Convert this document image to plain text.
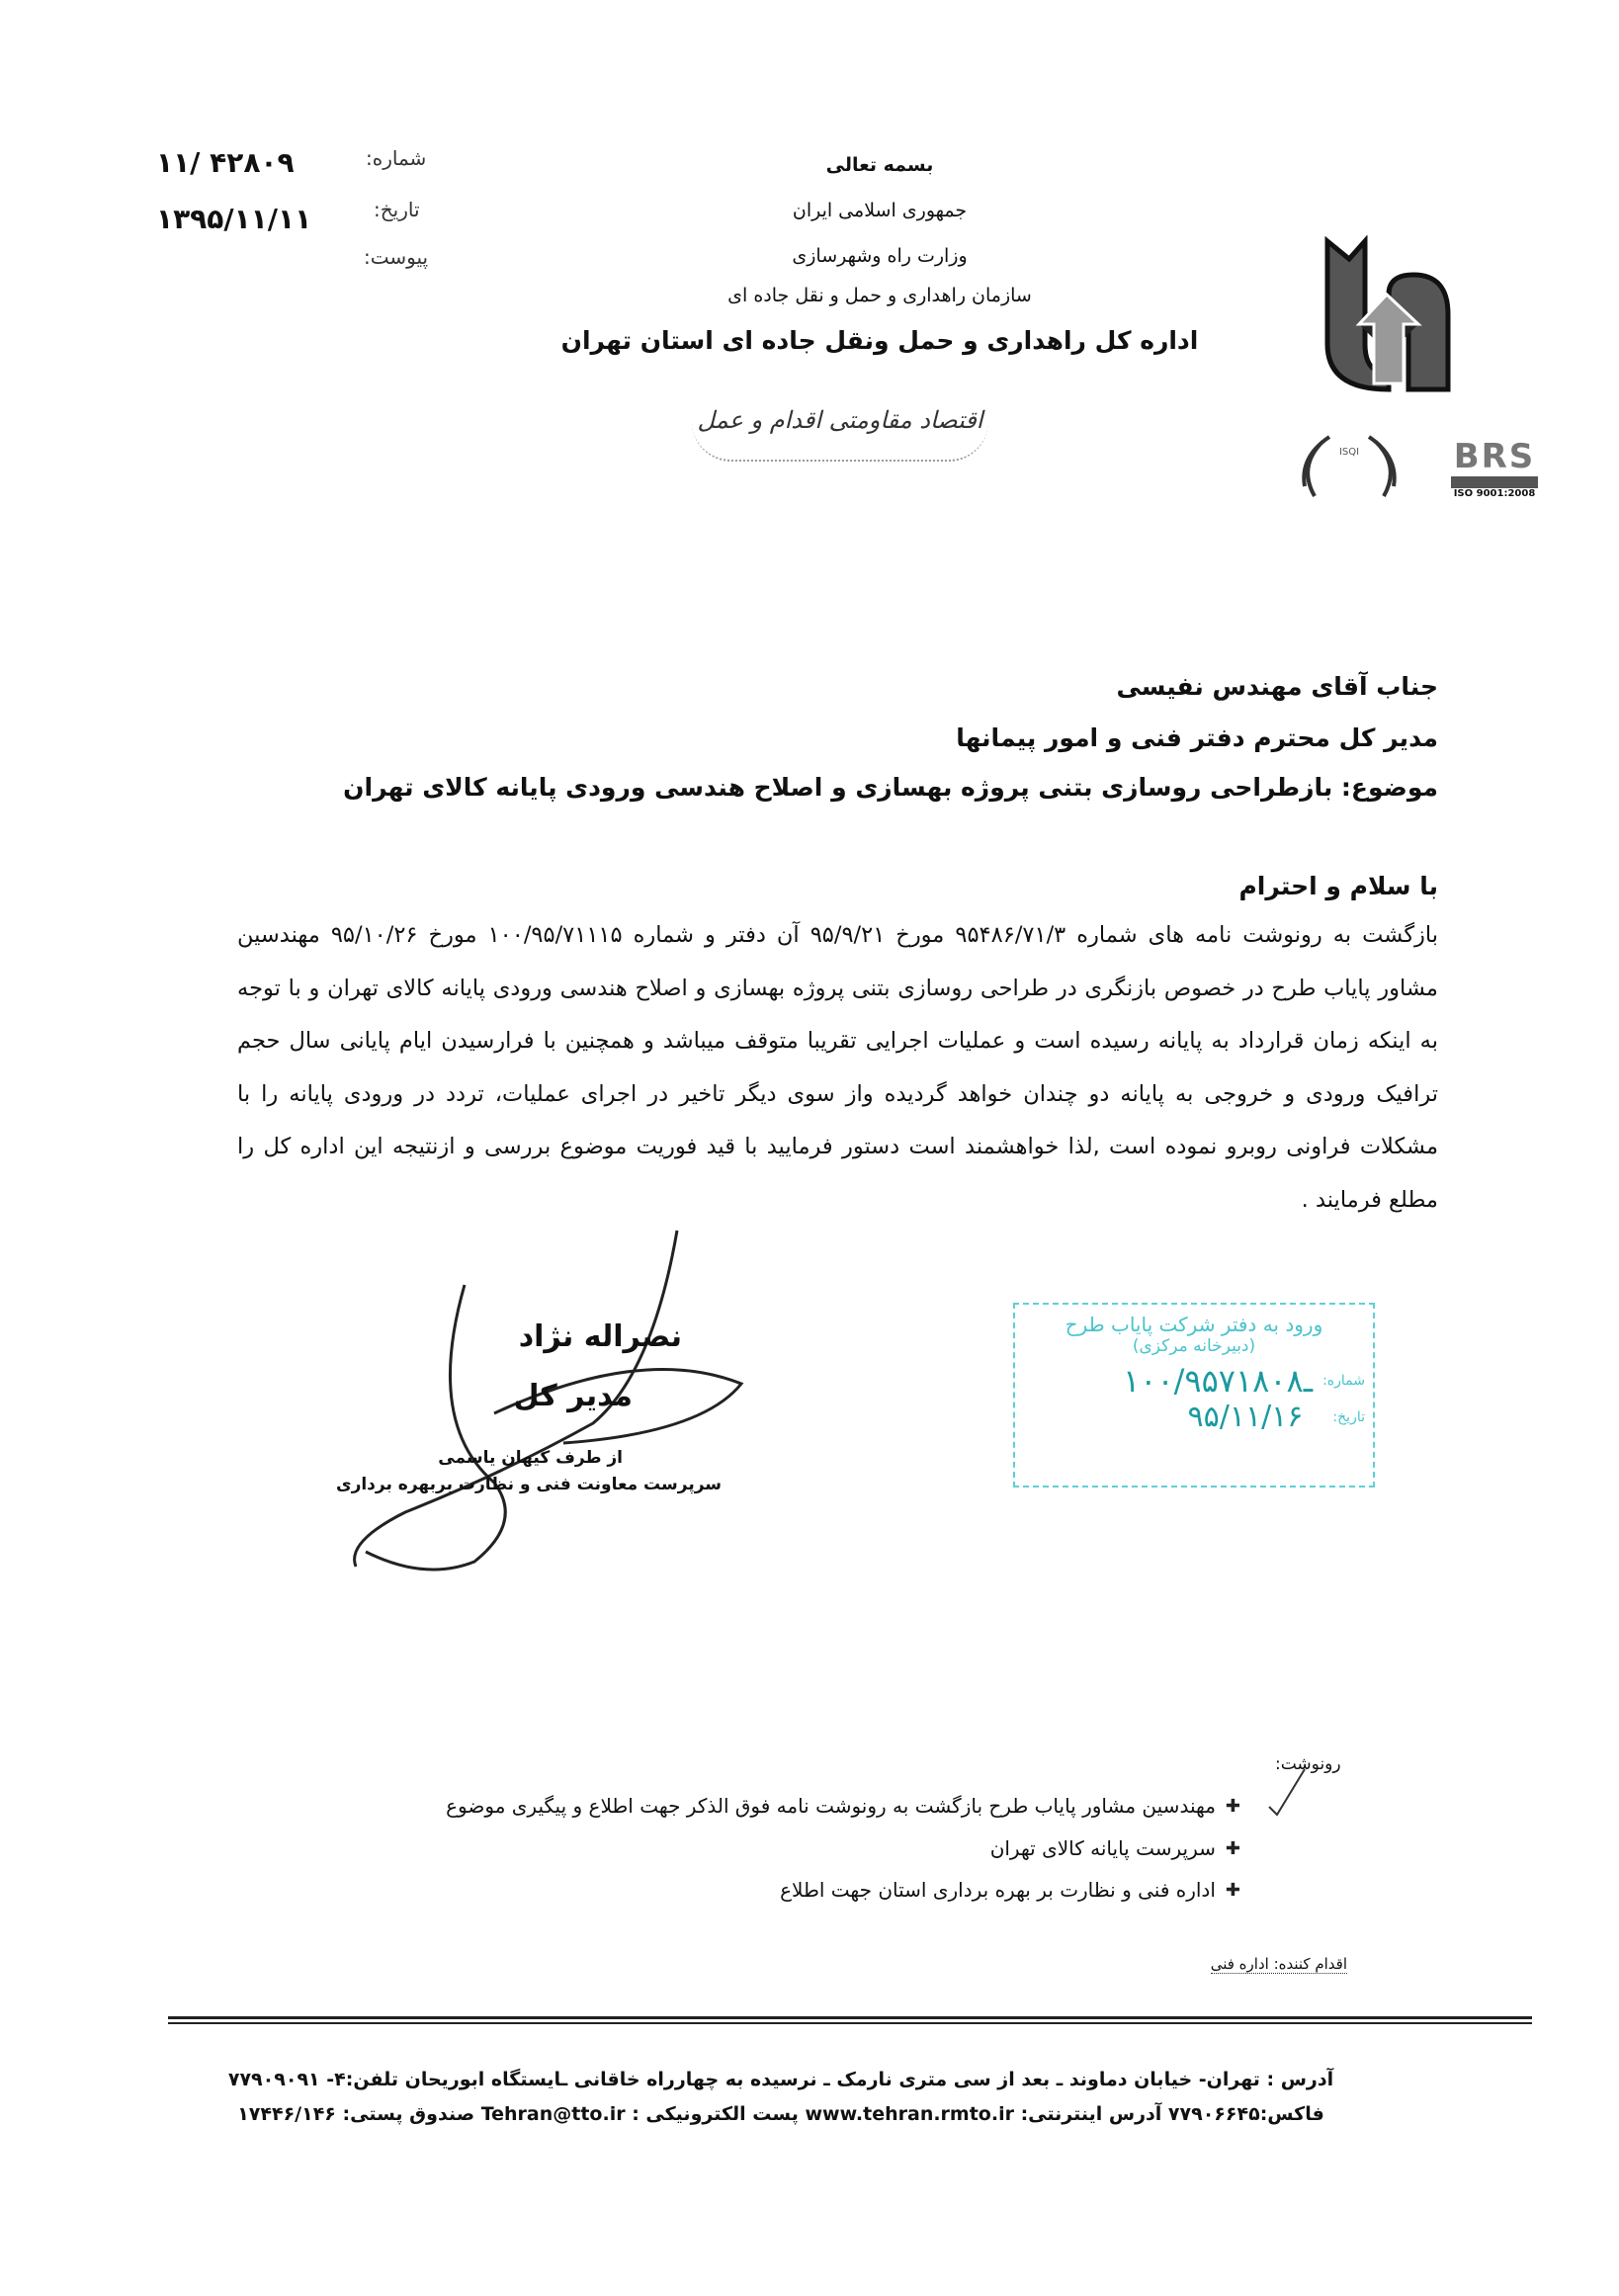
شماره:
۱۱/ ۴۲۸۰۹
تاریخ:
۱۳۹۵/۱۱/۱۱
پیوست:
بسمه تعالی
جمهوری اسلامی ایران
وزارت راه وشهرسازی
سازمان راهداری و حمل و نقل جاده ای
اداره کل راهداری و حمل ونقل جاده ای استان تهران
اقتصاد مقاومتی اقدام و عمل
ISQI	BRS
ISO 9001:2008
جناب آقای مهندس نفیسی
مدیر کل محترم دفتر فنی و امور پیمانها
موضوع: بازطراحی روسازی بتنی پروژه بهسازی و اصلاح هندسی ورودی پایانه کالای تهران
با سلام و احترام
بازگشت به رونوشت نامه های شماره ۹۵۴۸۶/۷۱/۳ مورخ ۹۵/۹/۲۱ آن دفتر و شماره ۱۰۰/۹۵/۷۱۱۱۵ مورخ ۹۵/۱۰/۲۶ مهندسین مشاور پایاب طرح در خصوص بازنگری در طراحی روسازی بتنی پروژه بهسازی و اصلاح هندسی ورودی پایانه کالای تهران و با توجه به اینکه زمان قرارداد به پایانه رسیده است و عملیات اجرایی تقریبا متوقف میباشد و همچنین با فرارسیدن ایام پایانی سال حجم ترافیک ورودی و خروجی به پایانه دو چندان خواهد گردیده واز سوی دیگر تاخیر در اجرای عملیات، تردد در ورودی پایانه را با مشکلات فراونی روبرو نموده است ,لذا خواهشمند است دستور فرمایید با قید فوریت موضوع بررسی و ازنتیجه این اداره کل را مطلع فرمایند .
نصراله نژاد
مدیر کل
از طرف کیهان یاسمی
سرپرست معاونت فنی و نظارت بربهره برداری
ورود به دفتر شرکت پایاب طرح
(دبیرخانه مرکزی)
شماره:
۱۰۰/۹۵ـ۷۱۸۰۸
تاریخ:
۹۵/۱۱/۱۶
رونوشت:
✚
مهندسین مشاور پایاب طرح بازگشت به رونوشت نامه فوق الذکر جهت اطلاع و پیگیری موضوع
✚
سرپرست پایانه کالای تهران
✚
اداره فنی و نظارت بر بهره برداری استان جهت اطلاع
اقدام کننده: اداره فنی
آدرس : تهران- خیابان دماوند ـ بعد از سی متری نارمک ـ نرسیده به چهارراه خاقانی ـایستگاه ابوریحان تلفن:۴- ۷۷۹۰۹۰۹۱
فاکس:۷۷۹۰۶۶۴۵ آدرس اینترنتی: www.tehran.rmto.ir پست الکترونیکی : Tehran@tto.ir صندوق پستی: ۱۷۴۴۶/۱۴۶
